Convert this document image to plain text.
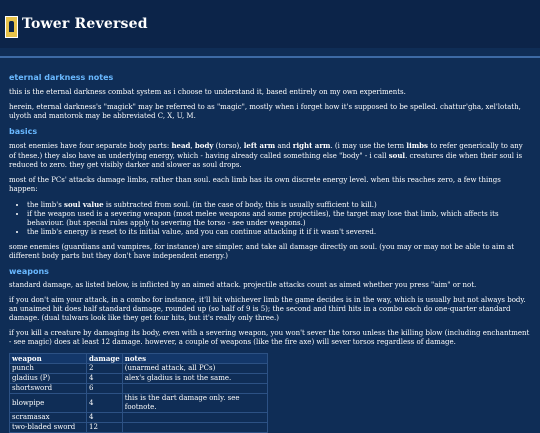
Tower Reversed
eternal darkness notes

this is the eternal darkness combat system as i choose to understand it, based entirely on my own experiments.

herein, eternal darkness's "magick" may be referred to as "magic", mostly when i forget how it's supposed to be spelled. chattur'gha, xel'lotath, ulyoth and mantorok may be abbreviated C, X, U, M.

basics

most enemies have four separate body parts: head, body (torso), left arm and right arm. (i may use the term limbs to refer generically to any of these.) they also have an underlying energy, which - having already called something else "body" - i call soul. creatures die when their soul is reduced to zero. they get visibly darker and slower as soul drops.

most of the PCs' attacks damage limbs, rather than soul. each limb has its own discrete energy level. when this reaches zero, a few things happen:

• the limb's soul value is subtracted from soul. (in the case of body, this is usually sufficient to kill.)
• if the weapon used is a severing weapon (most melee weapons and some projectiles), the target may lose that limb, which affects its behaviour. (but special rules apply to severing the torso - see under weapons.)
• the limb's energy is reset to its initial value, and you can continue attacking it if it wasn't severed.

some enemies (guardians and vampires, for instance) are simpler, and take all damage directly on soul. (you may or may not be able to aim at different body parts but they don't have independent energy.)

weapons

standard damage, as listed below, is inflicted by an aimed attack. projectile attacks count as aimed whether you press "aim" or not.

if you don't aim your attack, in a combo for instance, it'll hit whichever limb the game decides is in the way, which is usually but not always body. an unaimed hit does half standard damage, rounded up (so half of 9 is 5); the second and third hits in a combo each do one-quarter standard damage. (dual tulwars look like they get four hits, but it's really only three.)

if you kill a creature by damaging its body, even with a severing weapon, you won't sever the torso unless the killing blow (including enchantment - see magic) does at least 12 damage. however, a couple of weapons (like the fire axe) will sever torsos regardless of damage.

weapon	damage	notes
punch	2	(unarmed attack, all PCs)
gladius (P)	4	alex's gladius is not the same.
shortsword	6	
blowpipe	4	this is the dart damage only. see footnote.
scramasax	4	
two-bladed sword	12	
